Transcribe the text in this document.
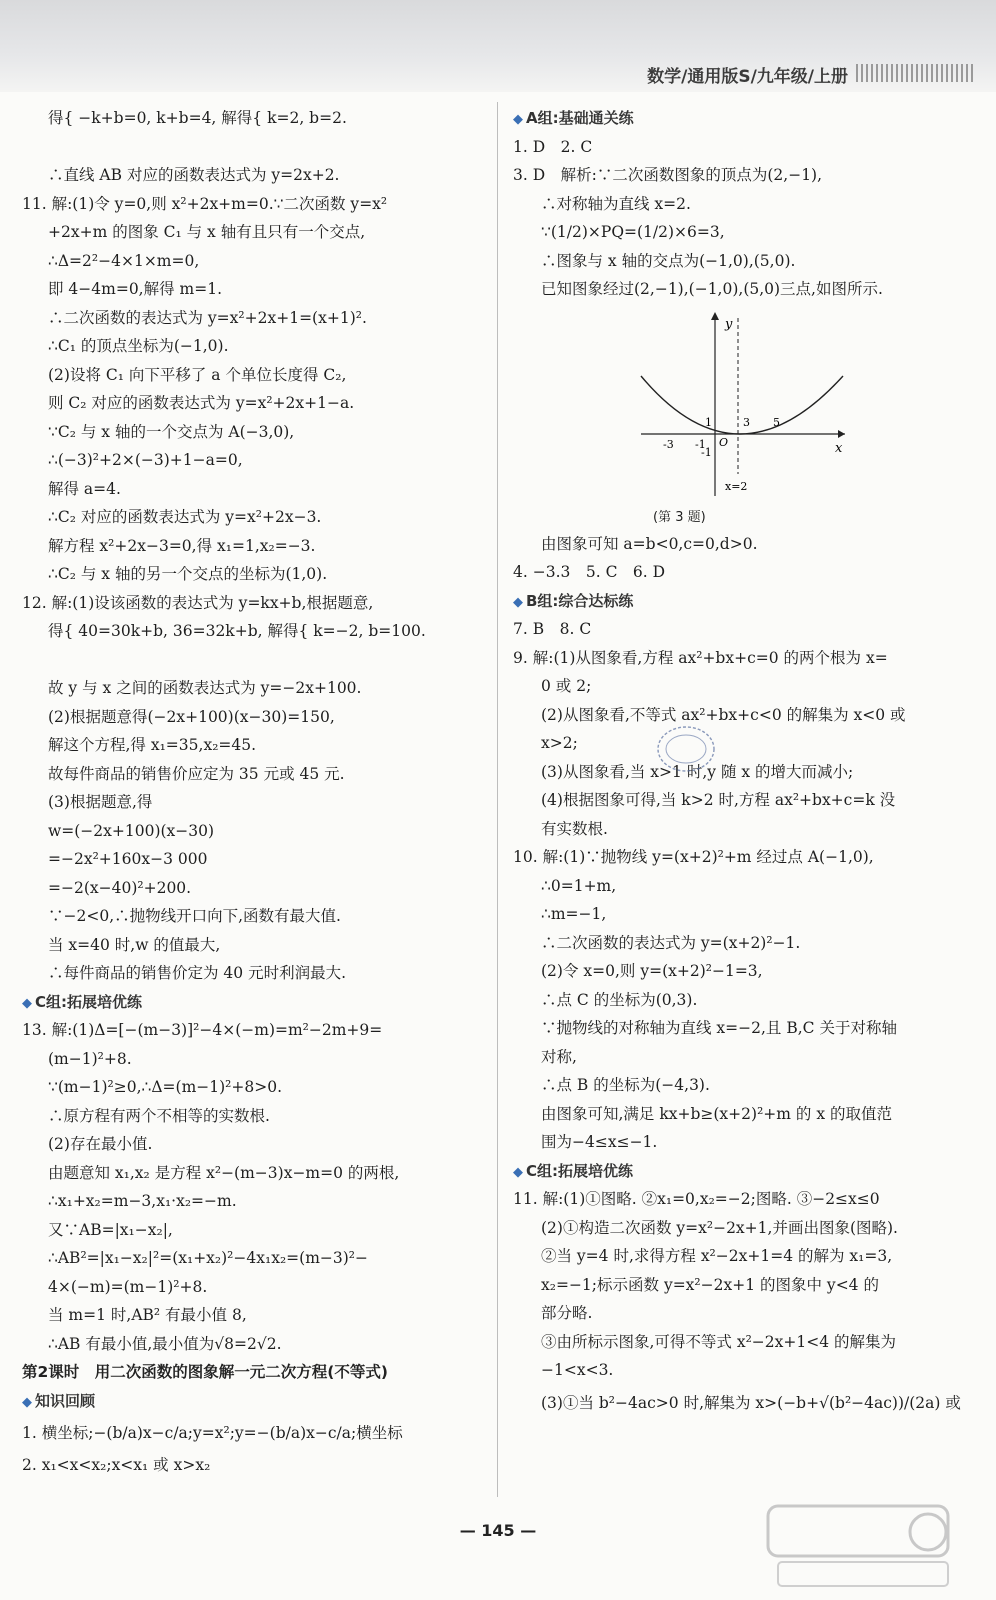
数学/通用版S/九年级/上册
得{ −k+b=0, k+b=4, 解得{ k=2, b=2.
∴直线 AB 对应的函数表达式为 y=2x+2.
11. 解:(1)令 y=0,则 x²+2x+m=0.∵二次函数 y=x²
+2x+m 的图象 C₁ 与 x 轴有且只有一个交点,
∴Δ=2²−4×1×m=0,
即 4−4m=0,解得 m=1.
∴二次函数的表达式为 y=x²+2x+1=(x+1)².
∴C₁ 的顶点坐标为(−1,0).
(2)设将 C₁ 向下平移了 a 个单位长度得 C₂,
则 C₂ 对应的函数表达式为 y=x²+2x+1−a.
∵C₂ 与 x 轴的一个交点为 A(−3,0),
∴(−3)²+2×(−3)+1−a=0,
解得 a=4.
∴C₂ 对应的函数表达式为 y=x²+2x−3.
解方程 x²+2x−3=0,得 x₁=1,x₂=−3.
∴C₂ 与 x 轴的另一个交点的坐标为(1,0).
12. 解:(1)设该函数的表达式为 y=kx+b,根据题意,
得{ 40=30k+b, 36=32k+b, 解得{ k=−2, b=100.
故 y 与 x 之间的函数表达式为 y=−2x+100.
(2)根据题意得(−2x+100)(x−30)=150,
解这个方程,得 x₁=35,x₂=45.
故每件商品的销售价应定为 35 元或 45 元.
(3)根据题意,得
w=(−2x+100)(x−30)
=−2x²+160x−3 000
=−2(x−40)²+200.
∵−2<0,∴抛物线开口向下,函数有最大值.
当 x=40 时,w 的值最大,
∴每件商品的销售价定为 40 元时利润最大.
◆ C组:拓展培优练
13. 解:(1)Δ=[−(m−3)]²−4×(−m)=m²−2m+9=
(m−1)²+8.
∵(m−1)²≥0,∴Δ=(m−1)²+8>0.
∴原方程有两个不相等的实数根.
(2)存在最小值.
由题意知 x₁,x₂ 是方程 x²−(m−3)x−m=0 的两根,
∴x₁+x₂=m−3,x₁·x₂=−m.
又∵AB=|x₁−x₂|,
∴AB²=|x₁−x₂|²=(x₁+x₂)²−4x₁x₂=(m−3)²−
4×(−m)=(m−1)²+8.
当 m=1 时,AB² 有最小值 8,
∴AB 有最小值,最小值为√8=2√2.
第2课时　用二次函数的图象解一元二次方程(不等式)
◆ 知识回顾
1. 横坐标;−(b/a)x−c/a;y=x²;y=−(b/a)x−c/a;横坐标
2. x₁<x<x₂;x<x₁ 或 x>x₂
◆ A组:基础通关练
1. D　2. C
3. D　解析:∵二次函数图象的顶点为(2,−1),
∴对称轴为直线 x=2.
∵(1/2)×PQ=(1/2)×6=3,
∴图象与 x 轴的交点为(−1,0),(5,0).
已知图象经过(2,−1),(−1,0),(5,0)三点,如图所示.
y
x
O
-3 -1
3 5
1
-1
x=2
(第 3 题)
由图象可知 a=b<0,c=0,d>0.
4. −3.3　5. C　6. D
◆ B组:综合达标练
7. B　8. C
9. 解:(1)从图象看,方程 ax²+bx+c=0 的两个根为 x=
0 或 2;
(2)从图象看,不等式 ax²+bx+c<0 的解集为 x<0 或
x>2;
(3)从图象看,当 x>1 时,y 随 x 的增大而减小;
(4)根据图象可得,当 k>2 时,方程 ax²+bx+c=k 没
有实数根.
10. 解:(1)∵抛物线 y=(x+2)²+m 经过点 A(−1,0),
∴0=1+m,
∴m=−1,
∴二次函数的表达式为 y=(x+2)²−1.
(2)令 x=0,则 y=(x+2)²−1=3,
∴点 C 的坐标为(0,3).
∵抛物线的对称轴为直线 x=−2,且 B,C 关于对称轴
对称,
∴点 B 的坐标为(−4,3).
由图象可知,满足 kx+b≥(x+2)²+m 的 x 的取值范
围为−4≤x≤−1.
◆ C组:拓展培优练
11. 解:(1)①图略. ②x₁=0,x₂=−2;图略. ③−2≤x≤0
(2)①构造二次函数 y=x²−2x+1,并画出图象(图略).
②当 y=4 时,求得方程 x²−2x+1=4 的解为 x₁=3,
x₂=−1;标示函数 y=x²−2x+1 的图象中 y<4 的
部分略.
③由所标示图象,可得不等式 x²−2x+1<4 的解集为
−1<x<3.
(3)①当 b²−4ac>0 时,解集为 x>(−b+√(b²−4ac))/(2a) 或
— 145 —
